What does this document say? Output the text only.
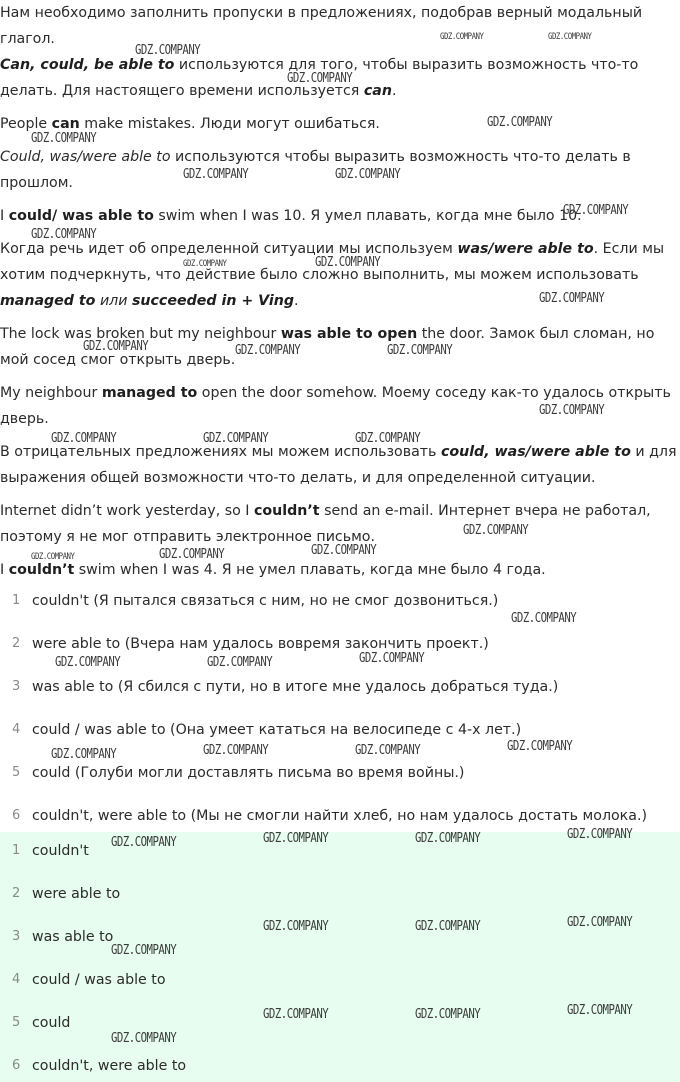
Нам необходимо заполнить пропуски в предложениях, подобрав верный модальный глагол.

Can, could, be able to используются для того, чтобы выразить возможность что-то делать. Для настоящего времени используется can.

People can make mistakes. Люди могут ошибаться.

Could, was/were able to используются чтобы выразить возможность что-то делать в прошлом.

I could/ was able to swim when I was 10. Я умел плавать, когда мне было 10.

Когда речь идет об определенной ситуации мы используем was/were able to. Если мы хотим подчеркнуть, что действие было сложно выполнить, мы можем использовать managed to или succeeded in + Ving.

The lock was broken but my neighbour was able to open the door. Замок был сломан, но мой сосед смог открыть дверь.

My neighbour managed to open the door somehow. Моему соседу как-то удалось открыть дверь.

В отрицательных предложениях мы можем использовать could, was/were able to и для выражения общей возможности что-то делать, и для определенной ситуации.

Internet didn’t work yesterday, so I couldn’t send an e-mail. Интернет вчера не работал, поэтому я не мог отправить электронное письмо.

I couldn’t swim when I was 4. Я не умел плавать, когда мне было 4 года.

1 couldn't (Я пытался связаться с ним, но не смог дозвониться.)
2 were able to (Вчера нам удалось вовремя закончить проект.)
3 was able to (Я сбился с пути, но в итоге мне удалось добраться туда.)
4 could / was able to (Она умеет кататься на велосипеде с 4-х лет.)
5 could (Голуби могли доставлять письма во время войны.)
6 couldn't, were able to (Мы не смогли найти хлеб, но нам удалось достать молока.)
1 couldn't
2 were able to
3 was able to
4 could / was able to
5 could
6 couldn't, were able to
GDZ.COMPANY
GDZ.COMPANY	GDZ.COMPANY
GDZ.COMPANY
GDZ.COMPANY
GDZ.COMPANY
GDZ.COMPANY	GDZ.COMPANY
GDZ.COMPANY
GDZ.COMPANY
GDZ.COMPANY
GDZ.COMPANY
GDZ.COMPANY
GDZ.COMPANY	GDZ.COMPANY	GDZ.COMPANY
GDZ.COMPANY
GDZ.COMPANY	GDZ.COMPANY	GDZ.COMPANY
GDZ.COMPANY
GDZ.COMPANY	GDZ.COMPANY
GDZ.COMPANY
GDZ.COMPANY
GDZ.COMPANY	GDZ.COMPANY	GDZ.COMPANY
GDZ.COMPANY	GDZ.COMPANY	GDZ.COMPANY	GDZ.COMPANY
GDZ.COMPANY	GDZ.COMPANY	GDZ.COMPANY	GDZ.COMPANY
GDZ.COMPANY	GDZ.COMPANY	GDZ.COMPANY
GDZ.COMPANY
GDZ.COMPANY	GDZ.COMPANY	GDZ.COMPANY
GDZ.COMPANY
